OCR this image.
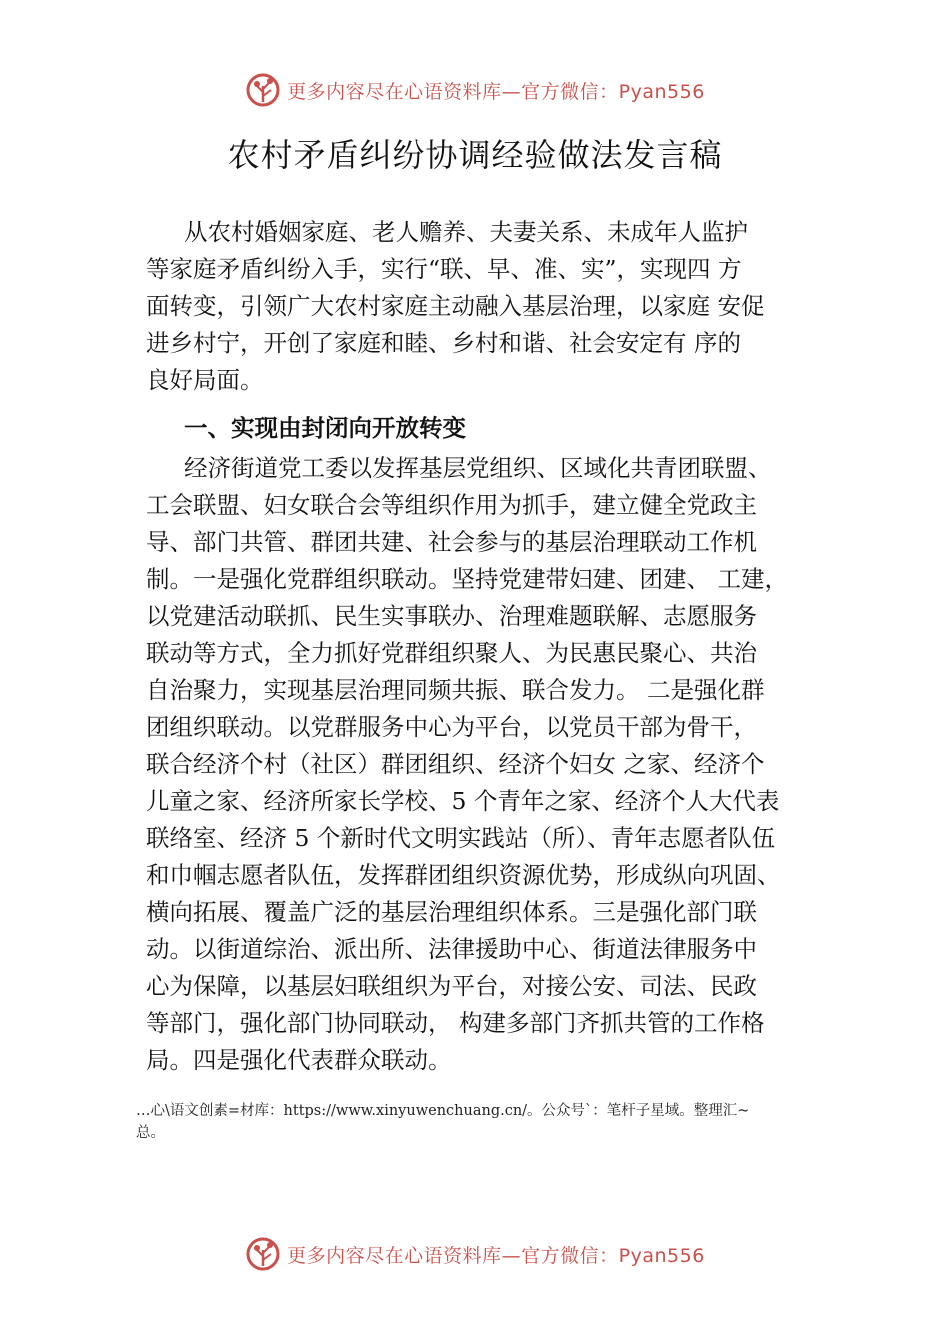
更多内容尽在心语资料库—官方微信：Pyan556
农村矛盾纠纷协调经验做法发言稿
从农村婚姻家庭、老人赡养、夫妻关系、未成年人监护
等家庭矛盾纠纷入手，实行“联、早、准、实”，实现四 方
面转变，引领广大农村家庭主动融入基层治理，以家庭 安促
进乡村宁，开创了家庭和睦、乡村和谐、社会安定有 序的
良好局面。
一、实现由封闭向开放转变
经济街道党工委以发挥基层党组织、区域化共青团联盟、
工会联盟、妇女联合会等组织作用为抓手，建立健全党政主
导、部门共管、群团共建、社会参与的基层治理联动工作机
制。一是强化党群组织联动。坚持党建带妇建、团建、 工建，
以党建活动联抓、民生实事联办、治理难题联解、志愿服务
联动等方式，全力抓好党群组织聚人、为民惠民聚心、共治
自治聚力，实现基层治理同频共振、联合发力。 二是强化群
团组织联动。以党群服务中心为平台，以党员干部为骨干，
联合经济个村（社区）群团组织、经济个妇女 之家、经济个
儿童之家、经济所家长学校、5 个青年之家、经济个人大代表
联络室、经济 5 个新时代文明实践站（所）、青年志愿者队伍
和巾帼志愿者队伍，发挥群团组织资源优势，形成纵向巩固、
横向拓展、覆盖广泛的基层治理组织体系。三是强化部门联
动。以街道综治、派出所、法律援助中心、街道法律服务中
心为保障，以基层妇联组织为平台，对接公安、司法、民政
等部门，强化部门协同联动， 构建多部门齐抓共管的工作格
局。四是强化代表群众联动。
…心\语文创素=材库：https://www.xinyuwenchuang.cn/。公众号`：笔杆子星域。整理汇~
总。
更多内容尽在心语资料库—官方微信：Pyan556
